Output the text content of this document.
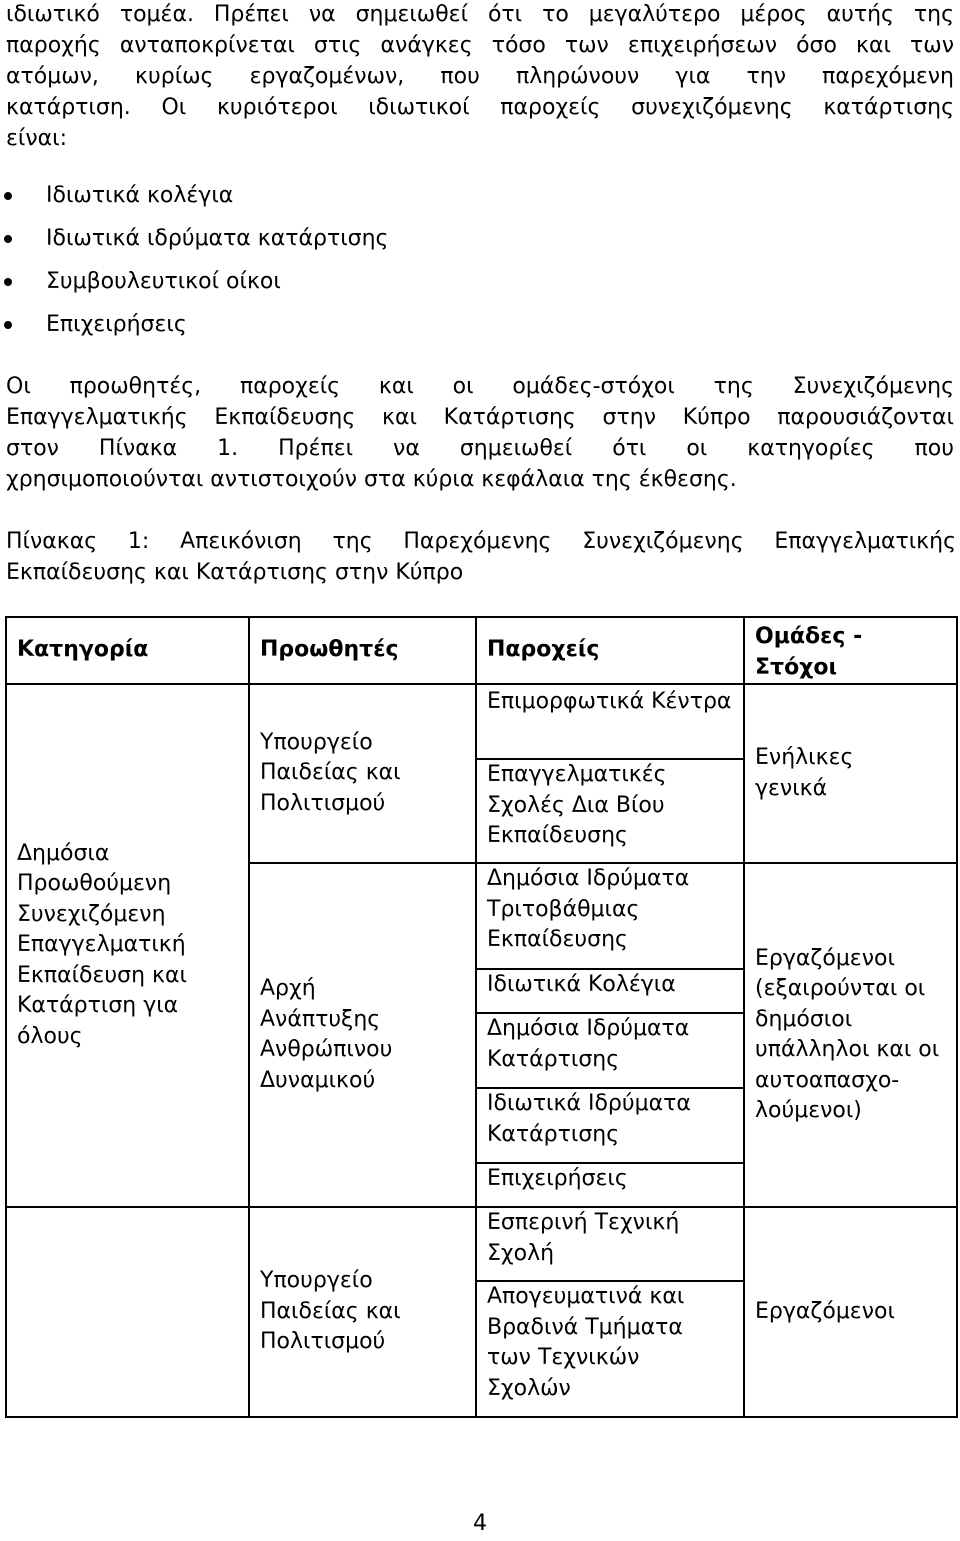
ιδιωτικό τομέα. Πρέπει να σημειωθεί ότι το μεγαλύτερο μέρος αυτής της
παροχής ανταποκρίνεται στις ανάγκες τόσο των επιχειρήσεων όσο και των
ατόμων, κυρίως εργαζομένων, που πληρώνουν για την παρεχόμενη
κατάρτιση. Οι κυριότεροι ιδιωτικοί παροχείς συνεχιζόμενης κατάρτισης
είναι:
Ιδιωτικά κολέγια
Ιδιωτικά ιδρύματα κατάρτισης
Συμβουλευτικοί οίκοι
Επιχειρήσεις
Οι προωθητές, παροχείς και οι ομάδες-στόχοι της Συνεχιζόμενης
Επαγγελματικής Εκπαίδευσης και Κατάρτισης στην Κύπρο παρουσιάζονται
στον Πίνακα 1. Πρέπει να σημειωθεί ότι οι κατηγορίες που
χρησιμοποιούνται αντιστοιχούν στα κύρια κεφάλαια της έκθεσης.
Πίνακας 1: Απεικόνιση της Παρεχόμενης Συνεχιζόμενης Επαγγελματικής
Εκπαίδευσης και Κατάρτισης στην Κύπρο
Κατηγορία	Προωθητές	Παροχείς	Ομάδες - Στόχοι
Δημόσια Προωθούμενη Συνεχιζόμενη Επαγγελματική Εκπαίδευση και Κατάρτιση για όλους	Υπουργείο Παιδείας και Πολιτισμού	Επιμορφωτικά Κέντρα	Ενήλικες γενικά
		Επαγγελματικές Σχολές Δια Βίου Εκπαίδευσης	
	Αρχή Ανάπτυξης Ανθρώπινου Δυναμικού	Δημόσια Ιδρύματα Τριτοβάθμιας Εκπαίδευσης	Εργαζόμενοι (εξαιρούνται οι δημόσιοι υπάλληλοι και οι αυτοαπασχο-λούμενοι)
		Ιδιωτικά Κολέγια	
		Δημόσια Ιδρύματα Κατάρτισης	
		Ιδιωτικά Ιδρύματα Κατάρτισης	
		Επιχειρήσεις	
	Υπουργείο Παιδείας και Πολιτισμού	Εσπερινή Τεχνική Σχολή	Εργαζόμενοι
		Απογευματινά και Βραδινά Τμήματα των Τεχνικών Σχολών	
4
